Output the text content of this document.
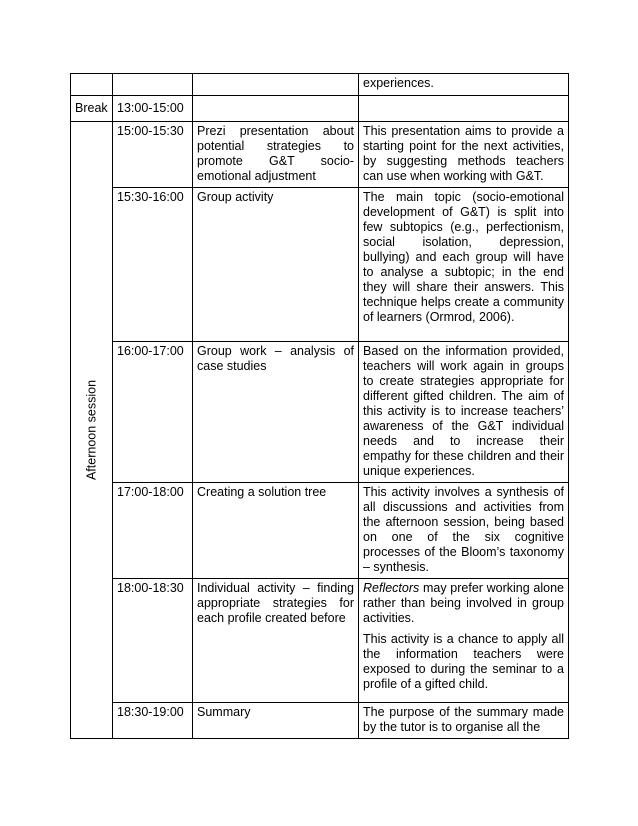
			experiences.
Break	13:00-15:00		

Afternoon session	15:00-15:30	Prezi presentation about potential strategies to promote G&T socio-emotional adjustment	This presentation aims to provide a starting point for the next activities, by suggesting methods teachers can use when working with G&T.

	15:30-16:00	Group activity	The main topic (socio-emotional development of G&T) is split into few subtopics (e.g., perfectionism, social isolation, depression, bullying) and each group will have to analyse a subtopic; in the end they will share their answers. This technique helps create a community of learners (Ormrod, 2006).

	16:00-17:00	Group work – analysis of case studies	Based on the information provided, teachers will work again in groups to create strategies appropriate for different gifted children. The aim of this activity is to increase teachers’ awareness of the G&T individual needs and to increase their empathy for these children and their unique experiences.

	17:00-18:00	Creating a solution tree	This activity involves a synthesis of all discussions and activities from the afternoon session, being based on one of the six cognitive processes of the Bloom’s taxonomy – synthesis.

	18:00-18:30	Individual activity – finding appropriate strategies for each profile created before	Reflectors may prefer working alone rather than being involved in group activities.

This activity is a chance to apply all the information teachers were exposed to during the seminar to a profile of a gifted child.

	18:30-19:00	Summary	The purpose of the summary made by the tutor is to organise all the
